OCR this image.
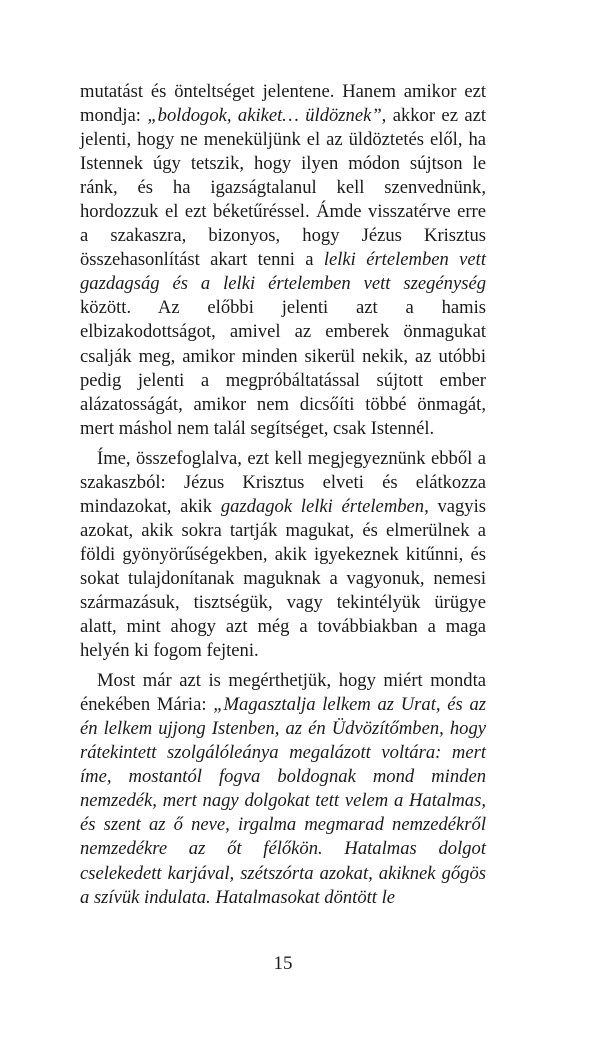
mutatást és önteltséget jelentene. Hanem amikor ezt mondja: „boldogok, akiket… üldöznek”, akkor ez azt jelenti, hogy ne meneküljünk el az üldöztetés elől, ha Istennek úgy tetszik, hogy ilyen módon sújtson le ránk, és ha igazságtalanul kell szenvednünk, hordozzuk el ezt béketűréssel. Ámde visszatérve erre a szakaszra, bizonyos, hogy Jézus Krisztus összehasonlítást akart tenni a lelki értelemben vett gazdagság és a lelki értelemben vett szegénység között. Az előbbi jelenti azt a hamis elbizakodottságot, amivel az emberek önmagukat csalják meg, amikor minden sikerül nekik, az utóbbi pedig jelenti a megpróbáltatással sújtott ember alázatosságát, amikor nem dicsőíti többé önmagát, mert máshol nem talál segítséget, csak Istennél.

Íme, összefoglalva, ezt kell megjegyeznünk ebből a szakaszból: Jézus Krisztus elveti és elátkozza mindazokat, akik gazdagok lelki értelemben, vagyis azokat, akik sokra tartják magukat, és elmerülnek a földi gyönyörűségekben, akik igyekeznek kitűnni, és sokat tulajdonítanak maguknak a vagyonuk, nemesi származásuk, tisztségük, vagy tekintélyük ürügye alatt, mint ahogy azt még a továbbiakban a maga helyén ki fogom fejteni.

Most már azt is megérthetjük, hogy miért mondta énekében Mária: „Magasztalja lelkem az Urat, és az én lelkem ujjong Istenben, az én Üdvözítőmben, hogy rátekintett szolgálóleánya megalázott voltára: mert íme, mostantól fogva boldognak mond minden nemzedék, mert nagy dolgokat tett velem a Hatalmas, és szent az ő neve, irgalma megmarad nemzedékről nemzedékre az őt félőkön. Hatalmas dolgot cselekedett karjával, szétszórta azokat, akiknek gőgös a szívük indulata. Hatalmasokat döntött le

15
